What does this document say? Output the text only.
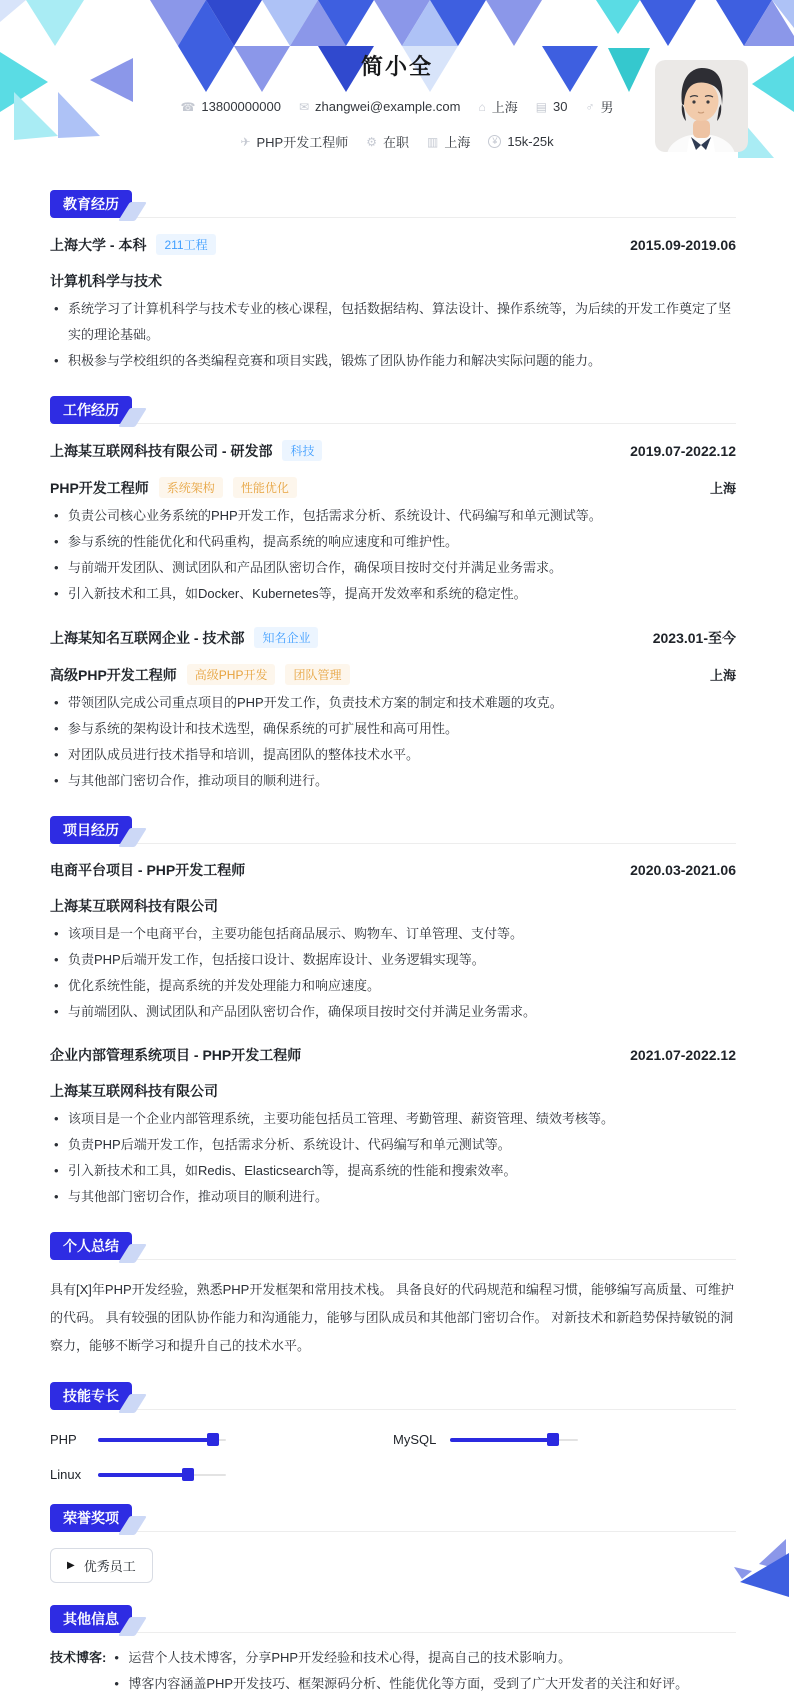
简小全
☎ 13800000000 ✉ zhangwei@example.com ⌂ 上海 ▤ 30 ♂ 男
✈ PHP开发工程师 ⚙ 在职 ▥ 上海	¥ 15k-25k
教育经历
上海大学 - 本科	211工程	2015.09-2019.06
计算机科学与技术
• 系统学习了计算机科学与技术专业的核心课程，包括数据结构、算法设计、操作系统等，为后续的开发工作奠定了坚实的理论基础。
• 积极参与学校组织的各类编程竞赛和项目实践，锻炼了团队协作能力和解决实际问题的能力。
工作经历
上海某互联网科技有限公司 - 研发部	科技	2019.07-2022.12
PHP开发工程师	系统架构	性能优化	上海
• 负责公司核心业务系统的PHP开发工作，包括需求分析、系统设计、代码编写和单元测试等。
• 参与系统的性能优化和代码重构，提高系统的响应速度和可维护性。
• 与前端开发团队、测试团队和产品团队密切合作，确保项目按时交付并满足业务需求。
• 引入新技术和工具，如Docker、Kubernetes等，提高开发效率和系统的稳定性。
上海某知名互联网企业 - 技术部	知名企业	2023.01-至今
高级PHP开发工程师	高级PHP开发	团队管理	上海
• 带领团队完成公司重点项目的PHP开发工作，负责技术方案的制定和技术难题的攻克。
• 参与系统的架构设计和技术选型，确保系统的可扩展性和高可用性。
• 对团队成员进行技术指导和培训，提高团队的整体技术水平。
• 与其他部门密切合作，推动项目的顺利进行。
项目经历
电商平台项目 - PHP开发工程师	2020.03-2021.06
上海某互联网科技有限公司
• 该项目是一个电商平台，主要功能包括商品展示、购物车、订单管理、支付等。
• 负责PHP后端开发工作，包括接口设计、数据库设计、业务逻辑实现等。
• 优化系统性能，提高系统的并发处理能力和响应速度。
• 与前端团队、测试团队和产品团队密切合作，确保项目按时交付并满足业务需求。
企业内部管理系统项目 - PHP开发工程师	2021.07-2022.12
上海某互联网科技有限公司
• 该项目是一个企业内部管理系统，主要功能包括员工管理、考勤管理、薪资管理、绩效考核等。
• 负责PHP后端开发工作，包括需求分析、系统设计、代码编写和单元测试等。
• 引入新技术和工具，如Redis、Elasticsearch等，提高系统的性能和搜索效率。
• 与其他部门密切合作，推动项目的顺利进行。
个人总结

具有[X]年PHP开发经验，熟悉PHP开发框架和常用技术栈。 具备良好的代码规范和编程习惯，能够编写高质量、可维护的代码。 具有较强的团队协作能力和沟通能力，能够与团队成员和其他部门密切合作。 对新技术和新趋势保持敏锐的洞察力，能够不断学习和提升自己的技术水平。

技能专长
PHP	MySQL
Linux
荣誉奖项
▶ 优秀员工
其他信息
技术博客:	• 运营个人技术博客，分享PHP开发经验和技术心得，提高自己的技术影响力。
• 博客内容涵盖PHP开发技巧、框架源码分析、性能优化等方面，受到了广大开发者的关注和好评。
